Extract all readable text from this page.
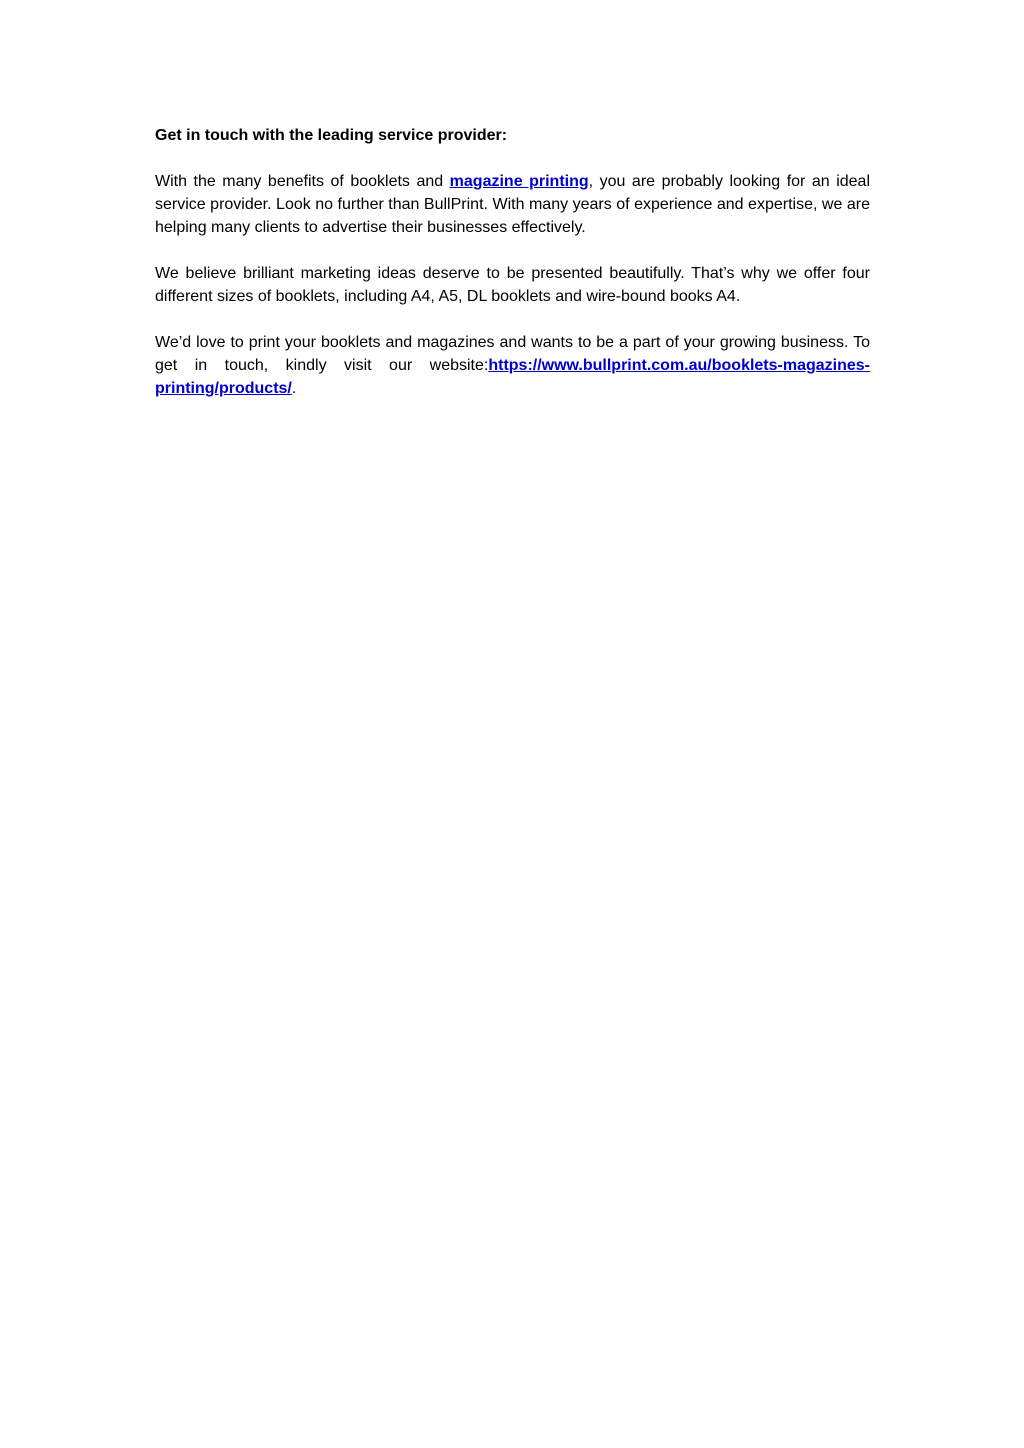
Get in touch with the leading service provider:

With the many benefits of booklets and magazine printing, you are probably looking for an ideal service provider. Look no further than BullPrint. With many years of experience and expertise, we are helping many clients to advertise their businesses effectively.

We believe brilliant marketing ideas deserve to be presented beautifully. That’s why we offer four different sizes of booklets, including A4, A5, DL booklets and wire-bound books A4.

We’d love to print your booklets and magazines and wants to be a part of your growing business. To get in touch, kindly visit our website:https://www.bullprint.com.au/booklets-magazines-printing/products/.
